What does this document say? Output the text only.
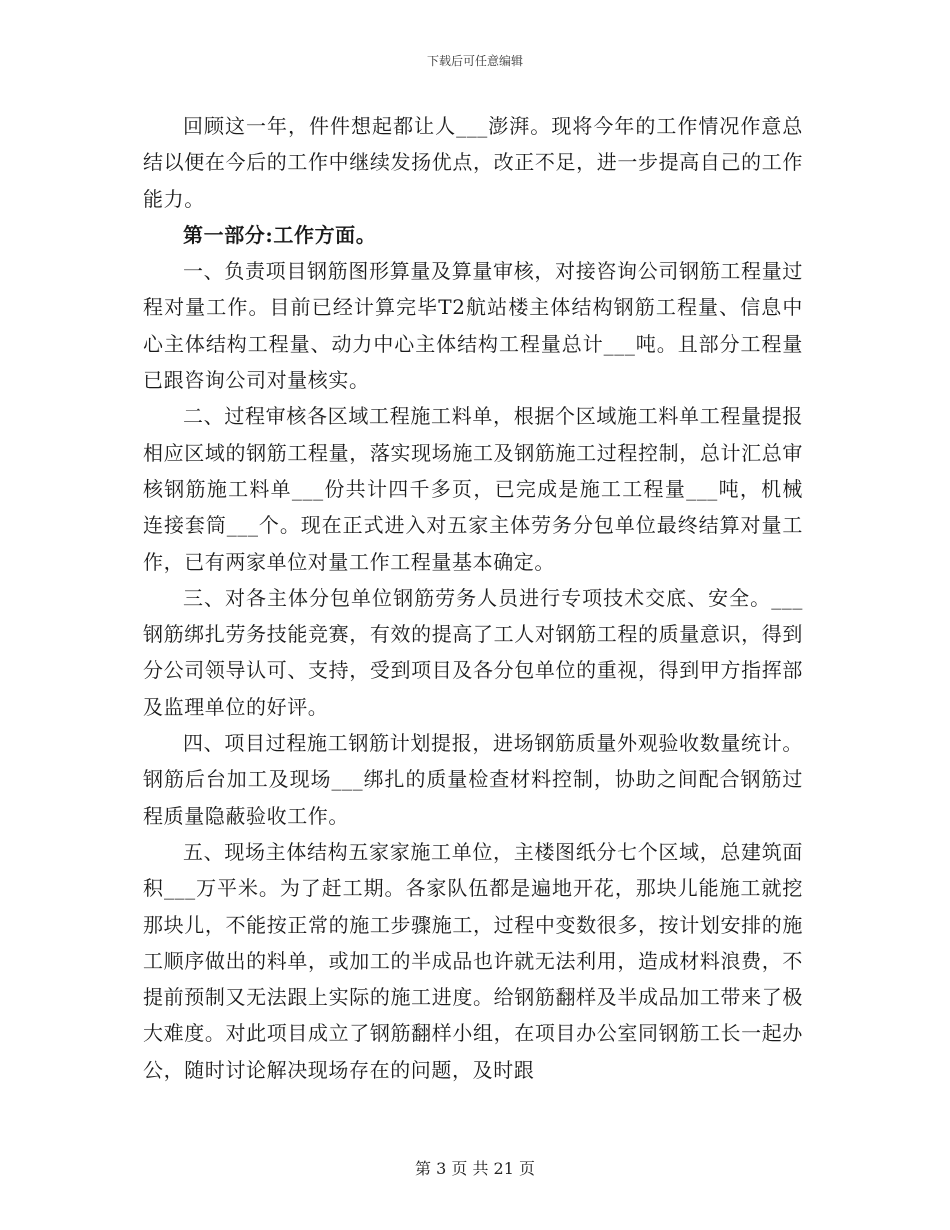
下载后可任意编辑

回顾这一年，件件想起都让人___澎湃。现将今年的工作情况作意总结以便在今后的工作中继续发扬优点，改正不足，进一步提高自己的工作能力。

第一部分:工作方面。

一、负责项目钢筋图形算量及算量审核，对接咨询公司钢筋工程量过程对量工作。目前已经计算完毕T2航站楼主体结构钢筋工程量、信息中心主体结构工程量、动力中心主体结构工程量总计___吨。且部分工程量已跟咨询公司对量核实。

二、过程审核各区域工程施工料单，根据个区域施工料单工程量提报相应区域的钢筋工程量，落实现场施工及钢筋施工过程控制，总计汇总审核钢筋施工料单___份共计四千多页，已完成是施工工程量___吨，机械连接套筒___个。现在正式进入对五家主体劳务分包单位最终结算对量工作，已有两家单位对量工作工程量基本确定。

三、对各主体分包单位钢筋劳务人员进行专项技术交底、安全。___钢筋绑扎劳务技能竞赛，有效的提高了工人对钢筋工程的质量意识，得到分公司领导认可、支持，受到项目及各分包单位的重视，得到甲方指挥部及监理单位的好评。

四、项目过程施工钢筋计划提报，进场钢筋质量外观验收数量统计。钢筋后台加工及现场___绑扎的质量检查材料控制，协助之间配合钢筋过程质量隐蔽验收工作。

五、现场主体结构五家家施工单位，主楼图纸分七个区域，总建筑面积___万平米。为了赶工期。各家队伍都是遍地开花，那块儿能施工就挖那块儿，不能按正常的施工步骤施工，过程中变数很多，按计划安排的施工顺序做出的料单，或加工的半成品也许就无法利用，造成材料浪费，不提前预制又无法跟上实际的施工进度。给钢筋翻样及半成品加工带来了极大难度。对此项目成立了钢筋翻样小组，在项目办公室同钢筋工长一起办公，随时讨论解决现场存在的问题，及时跟

第 3 页 共 21 页
